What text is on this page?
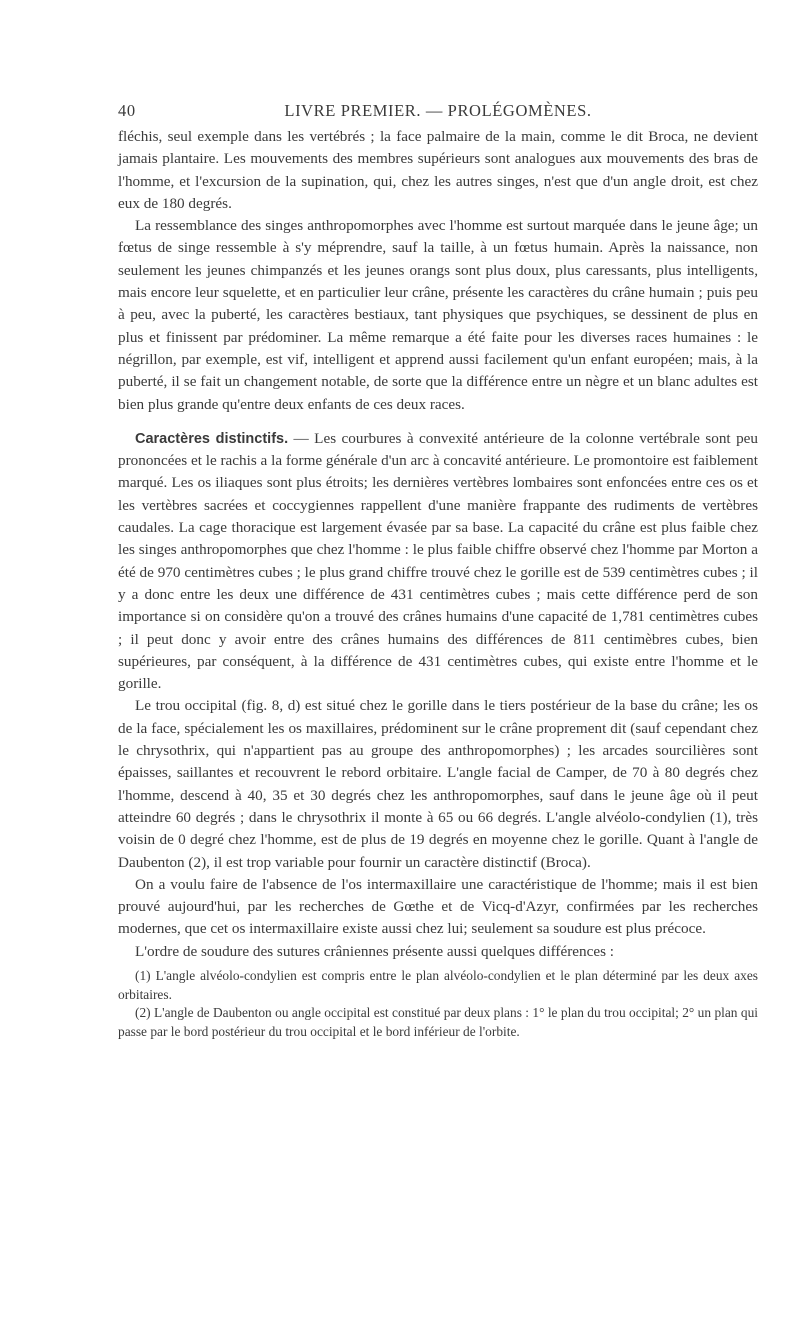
40	LIVRE PREMIER. — PROLÉGOMÈNES.

fléchis, seul exemple dans les vertébrés ; la face palmaire de la main, comme le dit Broca, ne devient jamais plantaire. Les mouvements des membres supérieurs sont analogues aux mouvements des bras de l'homme, et l'excursion de la supination, qui, chez les autres singes, n'est que d'un angle droit, est chez eux de 180 degrés.

La ressemblance des singes anthropomorphes avec l'homme est surtout marquée dans le jeune âge; un fœtus de singe ressemble à s'y méprendre, sauf la taille, à un fœtus humain. Après la naissance, non seulement les jeunes chimpanzés et les jeunes orangs sont plus doux, plus caressants, plus intelligents, mais encore leur squelette, et en particulier leur crâne, présente les caractères du crâne humain ; puis peu à peu, avec la puberté, les caractères bestiaux, tant physiques que psychiques, se dessinent de plus en plus et finissent par prédominer. La même remarque a été faite pour les diverses races humaines : le négrillon, par exemple, est vif, intelligent et apprend aussi facilement qu'un enfant européen; mais, à la puberté, il se fait un changement notable, de sorte que la différence entre un nègre et un blanc adultes est bien plus grande qu'entre deux enfants de ces deux races.

Caractères distinctifs. — Les courbures à convexité antérieure de la colonne vertébrale sont peu prononcées et le rachis a la forme générale d'un arc à concavité antérieure. Le promontoire est faiblement marqué. Les os iliaques sont plus étroits; les dernières vertèbres lombaires sont enfoncées entre ces os et les vertèbres sacrées et coccygiennes rappellent d'une manière frappante des rudiments de vertèbres caudales. La cage thoracique est largement évasée par sa base. La capacité du crâne est plus faible chez les singes anthropomorphes que chez l'homme : le plus faible chiffre observé chez l'homme par Morton a été de 970 centimètres cubes ; le plus grand chiffre trouvé chez le gorille est de 539 centimètres cubes ; il y a donc entre les deux une différence de 431 centimètres cubes ; mais cette différence perd de son importance si on considère qu'on a trouvé des crânes humains d'une capacité de 1,781 centimètres cubes ; il peut donc y avoir entre des crânes humains des différences de 811 centimèbres cubes, bien supérieures, par conséquent, à la différence de 431 centimètres cubes, qui existe entre l'homme et le gorille.

Le trou occipital (fig. 8, d) est situé chez le gorille dans le tiers postérieur de la base du crâne; les os de la face, spécialement les os maxillaires, prédominent sur le crâne proprement dit (sauf cependant chez le chrysothrix, qui n'appartient pas au groupe des anthropomorphes) ; les arcades sourcilières sont épaisses, saillantes et recouvrent le rebord orbitaire. L'angle facial de Camper, de 70 à 80 degrés chez l'homme, descend à 40, 35 et 30 degrés chez les anthropomorphes, sauf dans le jeune âge où il peut atteindre 60 degrés ; dans le chrysothrix il monte à 65 ou 66 degrés. L'angle alvéolo-condylien (1), très voisin de 0 degré chez l'homme, est de plus de 19 degrés en moyenne chez le gorille. Quant à l'angle de Daubenton (2), il est trop variable pour fournir un caractère distinctif (Broca).

On a voulu faire de l'absence de l'os intermaxillaire une caractéristique de l'homme; mais il est bien prouvé aujourd'hui, par les recherches de Gœthe et de Vicq-d'Azyr, confirmées par les recherches modernes, que cet os intermaxillaire existe aussi chez lui; seulement sa soudure est plus précoce.

L'ordre de soudure des sutures crâniennes présente aussi quelques différences :

(1) L'angle alvéolo-condylien est compris entre le plan alvéolo-condylien et le plan déterminé par les deux axes orbitaires.

(2) L'angle de Daubenton ou angle occipital est constitué par deux plans : 1° le plan du trou occipital; 2° un plan qui passe par le bord postérieur du trou occipital et le bord inférieur de l'orbite.
